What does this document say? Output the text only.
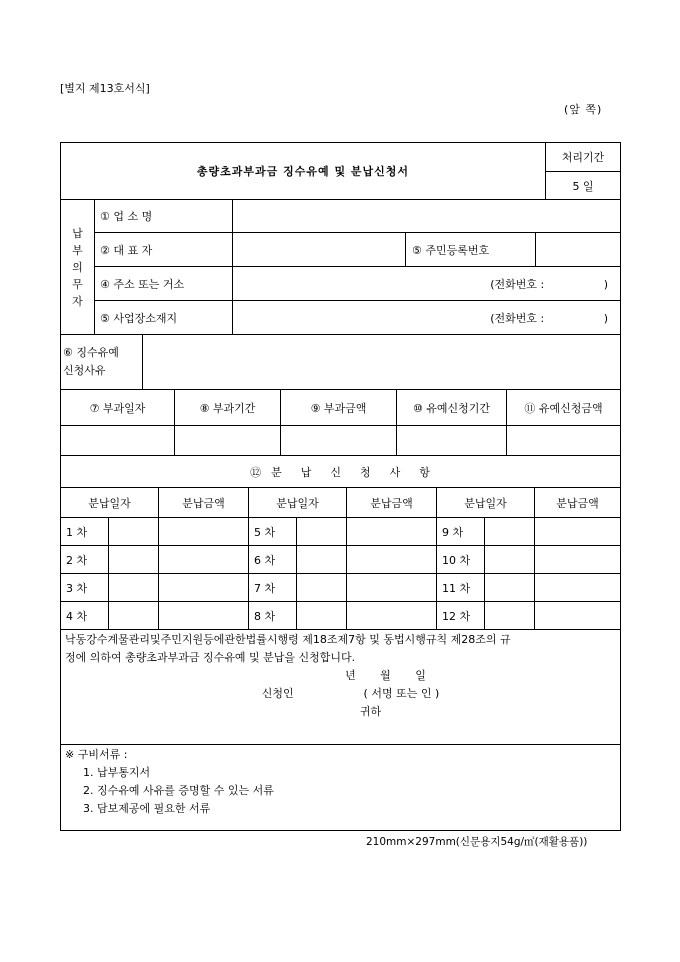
[별지 제13호서식]
(앞 쪽)
총량초과부과금 징수유예 및 분납신청서	처리기간
5 일
납
부
의
무
자	① 업 소 명			
	② 대 표 자		⑤ 주민등록번호	
	④ 주소 또는 거소	(전화번호 :                 )		
	⑤ 사업장소재지	(전화번호 :                 )		
⑥ 징수유예
신청사유

⑦ 부과일자	⑧ 부과기간	⑨ 부과금액	⑩ 유예신청기간	⑪ 유예신청금액

⑫  분    납    신    청    사    항								
분납일자		분납금액	분납일자		분납금액	분납일자		분납금액
1 차			5 차			9 차		
2 차			6 차			10 차		
3 차			7 차			11 차		
4 차			8 차			12 차		
낙동강수계물관리및주민지원등에관한법률시행령 제18조제7항 및 동법시행규칙 제28조의 규
정에 의하여 총량초과부과금 징수유예 및 분납을 신청합니다.
년       월       일
신청인                    ( 서명 또는 인 )
귀하

※ 구비서류 :
1. 납부통지서
2. 징수유예 사유를 증명할 수 있는 서류
3. 담보제공에 필요한 서류
210mm×297mm(신문용지54g/㎡(재활용품))
